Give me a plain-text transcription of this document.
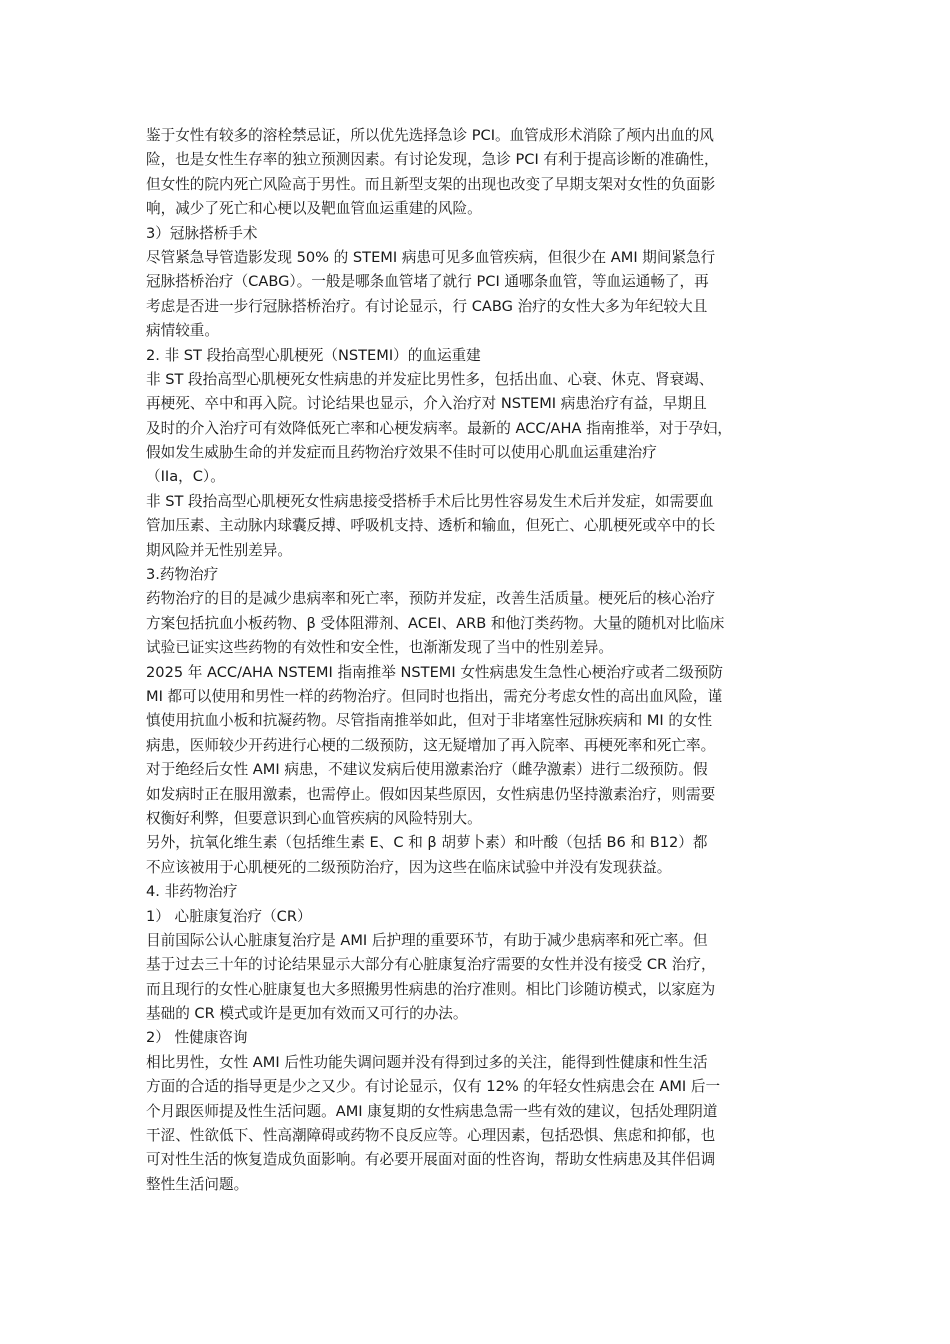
鉴于女性有较多的溶栓禁忌证，所以优先选择急诊 PCI。血管成形术消除了颅内出血的风
险，也是女性生存率的独立预测因素。有讨论发现，急诊 PCI 有利于提高诊断的准确性，
但女性的院内死亡风险高于男性。而且新型支架的出现也改变了早期支架对女性的负面影
响，减少了死亡和心梗以及靶血管血运重建的风险。
3）冠脉搭桥手术
尽管紧急导管造影发现 50% 的 STEMI 病患可见多血管疾病，但很少在 AMI 期间紧急行
冠脉搭桥治疗（CABG）。一般是哪条血管堵了就行 PCI 通哪条血管，等血运通畅了，再
考虑是否进一步行冠脉搭桥治疗。有讨论显示，行 CABG 治疗的女性大多为年纪较大且
病情较重。
2. 非 ST 段抬高型心肌梗死（NSTEMI）的血运重建
非 ST 段抬高型心肌梗死女性病患的并发症比男性多，包括出血、心衰、休克、肾衰竭、
再梗死、卒中和再入院。讨论结果也显示，介入治疗对 NSTEMI 病患治疗有益，早期且
及时的介入治疗可有效降低死亡率和心梗发病率。最新的 ACC/AHA 指南推举，对于孕妇，
假如发生威胁生命的并发症而且药物治疗效果不佳时可以使用心肌血运重建治疗
（IIa，C）。
非 ST 段抬高型心肌梗死女性病患接受搭桥手术后比男性容易发生术后并发症，如需要血
管加压素、主动脉内球囊反搏、呼吸机支持、透析和输血，但死亡、心肌梗死或卒中的长
期风险并无性别差异。
3.药物治疗
药物治疗的目的是减少患病率和死亡率，预防并发症，改善生活质量。梗死后的核心治疗
方案包括抗血小板药物、β 受体阻滞剂、ACEI、ARB 和他汀类药物。大量的随机对比临床
试验已证实这些药物的有效性和安全性，也渐渐发现了当中的性别差异。
2025 年 ACC/AHA NSTEMI 指南推举 NSTEMI 女性病患发生急性心梗治疗或者二级预防
MI 都可以使用和男性一样的药物治疗。但同时也指出，需充分考虑女性的高出血风险，谨
慎使用抗血小板和抗凝药物。尽管指南推举如此，但对于非堵塞性冠脉疾病和 MI 的女性
病患，医师较少开药进行心梗的二级预防，这无疑增加了再入院率、再梗死率和死亡率。
对于绝经后女性 AMI 病患，不建议发病后使用激素治疗（雌孕激素）进行二级预防。假
如发病时正在服用激素，也需停止。假如因某些原因，女性病患仍坚持激素治疗，则需要
权衡好利弊，但要意识到心血管疾病的风险特别大。
另外，抗氧化维生素（包括维生素 E、C 和 β 胡萝卜素）和叶酸（包括 B6 和 B12）都
不应该被用于心肌梗死的二级预防治疗，因为这些在临床试验中并没有发现获益。
4. 非药物治疗
1） 心脏康复治疗（CR）
目前国际公认心脏康复治疗是 AMI 后护理的重要环节，有助于减少患病率和死亡率。但
基于过去三十年的讨论结果显示大部分有心脏康复治疗需要的女性并没有接受 CR 治疗，
而且现行的女性心脏康复也大多照搬男性病患的治疗准则。相比门诊随访模式，以家庭为
基础的 CR 模式或许是更加有效而又可行的办法。
2） 性健康咨询
相比男性，女性 AMI 后性功能失调问题并没有得到过多的关注，能得到性健康和性生活
方面的合适的指导更是少之又少。有讨论显示，仅有 12% 的年轻女性病患会在 AMI 后一
个月跟医师提及性生活问题。AMI 康复期的女性病患急需一些有效的建议，包括处理阴道
干涩、性欲低下、性高潮障碍或药物不良反应等。心理因素，包括恐惧、焦虑和抑郁，也
可对性生活的恢复造成负面影响。有必要开展面对面的性咨询，帮助女性病患及其伴侣调
整性生活问题。
